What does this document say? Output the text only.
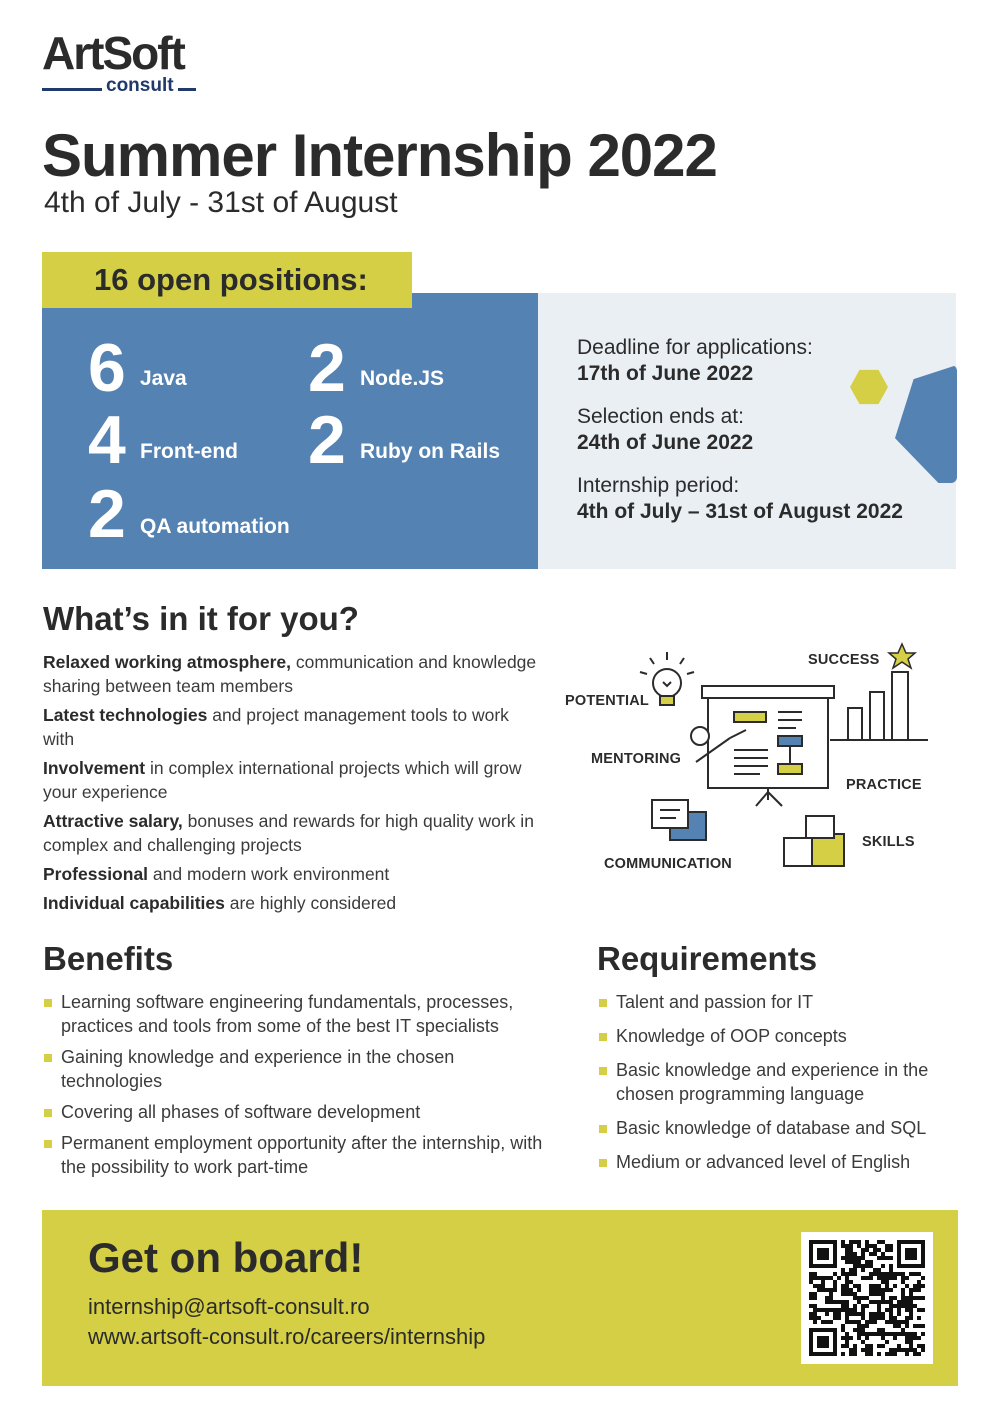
ArtSoft
consult
Summer Internship 2022
4th of July - 31st of August
16 open positions:
6 Java 2 Node.JS
4 Front-end 2 Ruby on Rails
2 QA automation
Deadline for applications:
17th of June 2022
Selection ends at:
24th of June 2022
Internship period:
4th of July – 31st of August 2022
What’s in it for you?
Relaxed working atmosphere, communication and knowledge sharing between team members
Latest technologies and project management tools to work with
Involvement in complex international projects which will grow your experience
Attractive salary, bonuses and rewards for high quality work in complex and challenging projects
Professional and modern work environment
Individual capabilities are highly considered
POTENTIAL
SUCCESS
MENTORING
PRACTICE
SKILLS
COMMUNICATION
Benefits
Learning software engineering fundamentals, processes, practices and tools from some of the best IT specialists
Gaining knowledge and experience in the chosen technologies
Covering all phases of software development
Permanent employment opportunity after the internship, with the possibility to work part-time
Requirements
Talent and passion for IT
Knowledge of OOP concepts
Basic knowledge and experience in the chosen programming language
Basic knowledge of database and SQL
Medium or advanced level of English
Get on board!
internship@artsoft-consult.ro
www.artsoft-consult.ro/careers/internship
